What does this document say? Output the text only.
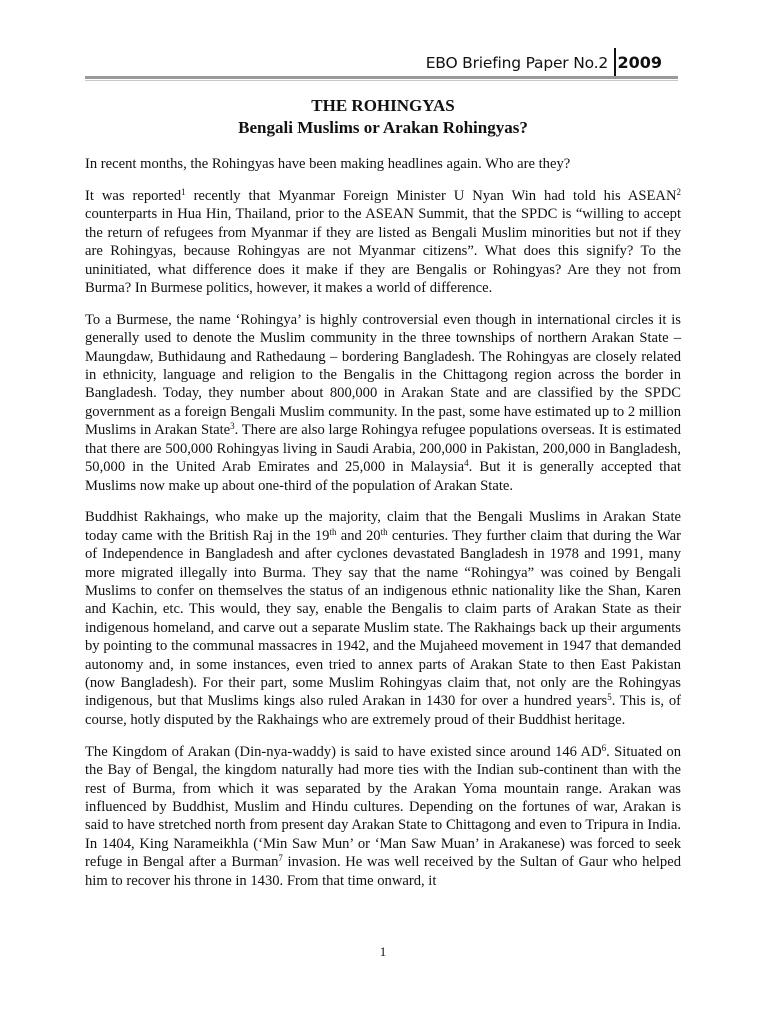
EBO Briefing Paper No.2 2009
THE ROHINGYAS
Bengali Muslims or Arakan Rohingyas?

In recent months, the Rohingyas have been making headlines again. Who are they?

It was reported$^1$ recently that Myanmar Foreign Minister U Nyan Win had told his ASEAN$^2$ counterparts in Hua Hin, Thailand, prior to the ASEAN Summit, that the SPDC is “willing to accept the return of refugees from Myanmar if they are listed as Bengali Muslim minorities but not if they are Rohingyas, because Rohingyas are not Myanmar citizens”. What does this signify? To the uninitiated, what difference does it make if they are Bengalis or Rohingyas? Are they not from Burma? In Burmese politics, however, it makes a world of difference.

To a Burmese, the name ‘Rohingya’ is highly controversial even though in international circles it is generally used to denote the Muslim community in the three townships of northern Arakan State – Maungdaw, Buthidaung and Rathedaung – bordering Bangladesh. The Rohingyas are closely related in ethnicity, language and religion to the Bengalis in the Chittagong region across the border in Bangladesh. Today, they number about 800,000 in Arakan State and are classified by the SPDC government as a foreign Bengali Muslim community. In the past, some have estimated up to 2 million Muslims in Arakan State$^3$. There are also large Rohingya refugee populations overseas. It is estimated that there are 500,000 Rohingyas living in Saudi Arabia, 200,000 in Pakistan, 200,000 in Bangladesh, 50,000 in the United Arab Emirates and 25,000 in Malaysia$^4$. But it is generally accepted that Muslims now make up about one-third of the population of Arakan State.

Buddhist Rakhaings, who make up the majority, claim that the Bengali Muslims in Arakan State today came with the British Raj in the 19th and 20th centuries. They further claim that during the War of Independence in Bangladesh and after cyclones devastated Bangladesh in 1978 and 1991, many more migrated illegally into Burma. They say that the name “Rohingya” was coined by Bengali Muslims to confer on themselves the status of an indigenous ethnic nationality like the Shan, Karen and Kachin, etc. This would, they say, enable the Bengalis to claim parts of Arakan State as their indigenous homeland, and carve out a separate Muslim state. The Rakhaings back up their arguments by pointing to the communal massacres in 1942, and the Mujaheed movement in 1947 that demanded autonomy and, in some instances, even tried to annex parts of Arakan State to then East Pakistan (now Bangladesh). For their part, some Muslim Rohingyas claim that, not only are the Rohingyas indigenous, but that Muslims kings also ruled Arakan in 1430 for over a hundred years$^5$. This is, of course, hotly disputed by the Rakhaings who are extremely proud of their Buddhist heritage.

The Kingdom of Arakan (Din-nya-waddy) is said to have existed since around 146 $AD^6$. Situated on the Bay of Bengal, the kingdom naturally had more ties with the Indian sub-continent than with the rest of Burma, from which it was separated by the Arakan Yoma mountain range. Arakan was influenced by Buddhist, Muslim and Hindu cultures. Depending on the fortunes of war, Arakan is said to have stretched north from present day Arakan State to Chittagong and even to Tripura in India. In 1404, King Narameikhla (‘Min Saw Mun’ or ‘Man Saw Muan’ in Arakanese) was forced to seek refuge in Bengal after a Burman$^7$ invasion. He was well received by the Sultan of Gaur who helped him to recover his throne in 1430. From that time onward, it

1
